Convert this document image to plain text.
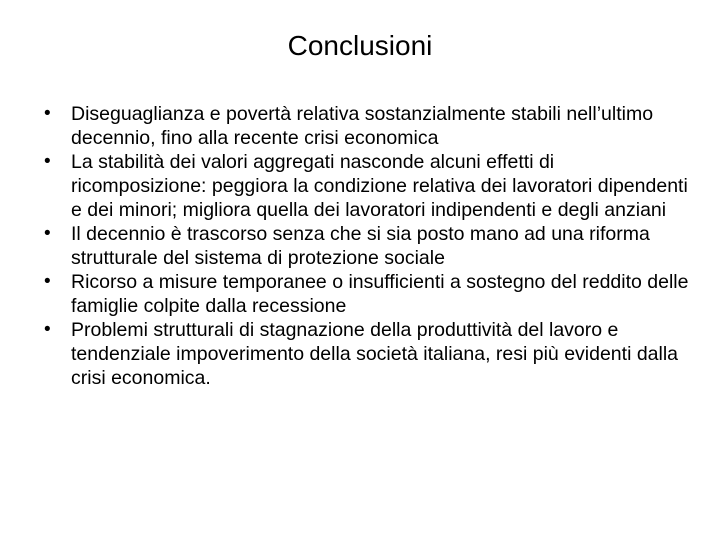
Conclusioni
• Diseguaglianza e povertà relativa sostanzialmente stabili nell’ultimo decennio, fino alla recente crisi economica
• La stabilità dei valori aggregati nasconde alcuni effetti di ricomposizione: peggiora la condizione relativa dei lavoratori dipendenti e dei minori; migliora quella dei lavoratori indipendenti e degli anziani
• Il decennio è trascorso senza che si sia posto mano ad una riforma strutturale del sistema di protezione sociale
• Ricorso a misure temporanee o insufficienti a sostegno del reddito delle famiglie colpite dalla recessione
• Problemi strutturali di stagnazione della produttività del lavoro e tendenziale impoverimento della società italiana, resi più evidenti dalla crisi economica.
